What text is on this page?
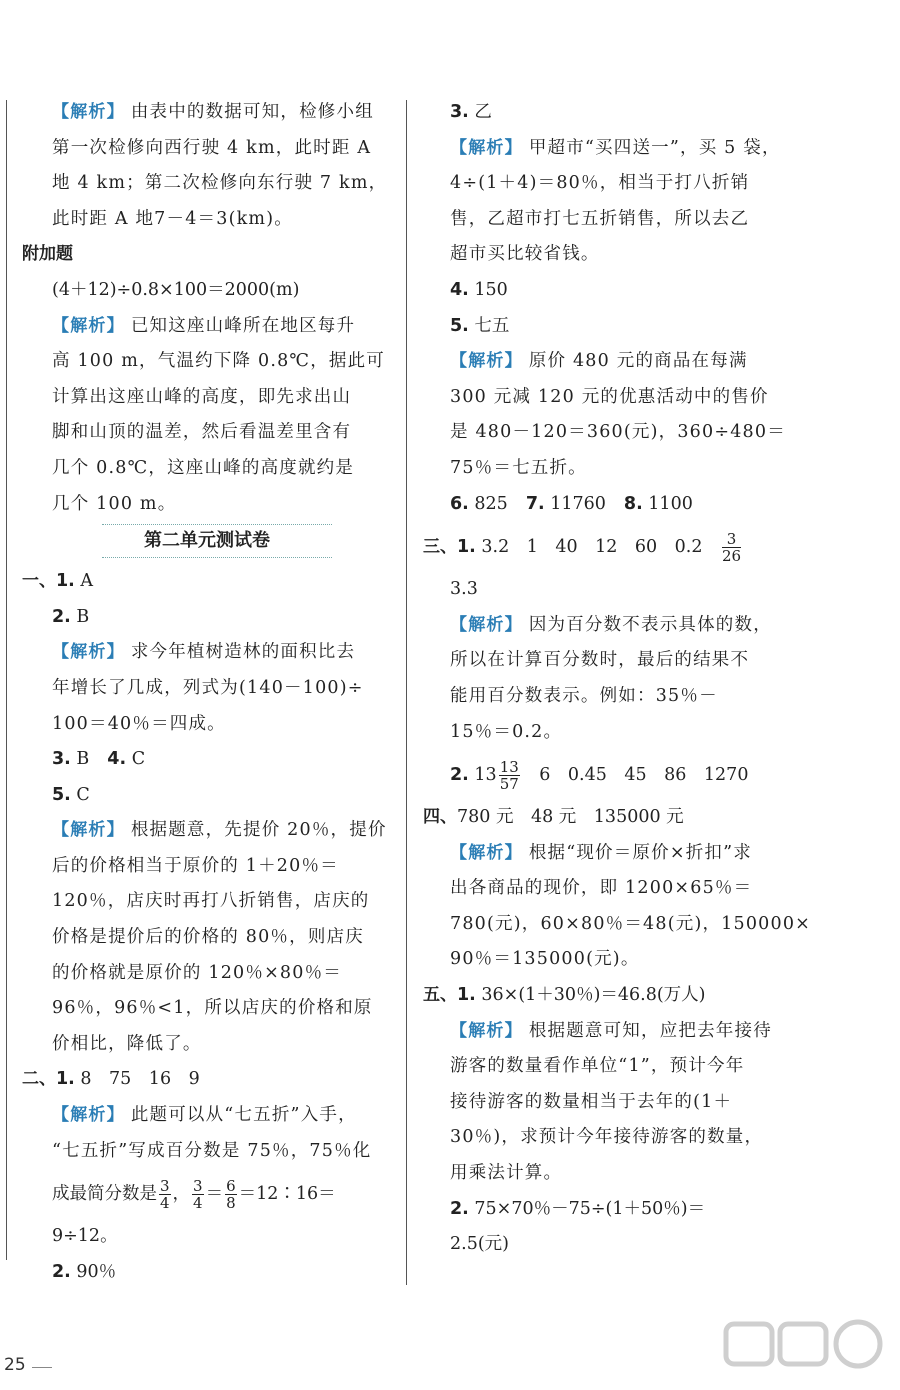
【解析】 由表中的数据可知，检修小组
第一次检修向西行驶 4 km，此时距 A
地 4 km；第二次检修向东行驶 7 km，
此时距 A 地7－4＝3(km)。
附加题
(4＋12)÷0.8×100＝2000(m)
【解析】 已知这座山峰所在地区每升
高 100 m，气温约下降 0.8℃，据此可
计算出这座山峰的高度，即先求出山
脚和山顶的温差，然后看温差里含有
几个 0.8℃，这座山峰的高度就约是
几个 100 m。
第二单元测试卷
一、1. A
2. B
【解析】 求今年植树造林的面积比去
年增长了几成，列式为(140－100)÷
100＝40％＝四成。
3. B 4. C
5. C
【解析】 根据题意，先提价 20％，提价
后的价格相当于原价的 1＋20％＝
120％，店庆时再打八折销售，店庆的
价格是提价后的价格的 80％，则店庆
的价格就是原价的 120％×80％＝
96％，96％<1，所以店庆的价格和原
价相比，降低了。
二、1. 8　75　16　9
【解析】 此题可以从“七五折”入手，
“七五折”写成百分数是 75％，75％化
成最简分数是 $\frac{3}{4}$ ， $\frac{3}{4} = \frac{6}{8}$ ＝12∶16＝
9÷12。
2. 90％
3. 乙
【解析】 甲超市“买四送一”，买 5 袋，
4÷(1＋4)＝80％，相当于打八折销
售，乙超市打七五折销售，所以去乙
超市买比较省钱。
4. 150
5. 七五
【解析】 原价 480 元的商品在每满
300 元减 120 元的优惠活动中的售价
是 480－120＝360(元)，360÷480＝
75％＝七五折。
6. 825 7. 11760 8. 1100
三、1. 3.2　1　40　12　60　0.2　 $\frac{3}{26}$
3.3
【解析】 因为百分数不表示具体的数，
所以在计算百分数时，最后的结果不
能用百分数表示。例如：35％－
15％＝0.2。
2. $13 \frac{13}{57}$
　 6　0.45　45　86　1270
四、780 元　48 元　135000 元
【解析】 根据“现价＝原价×折扣”求
出各商品的现价，即 1200×65％＝
780(元)，60×80％＝48(元)，150000×
90％＝135000(元)。
五、1. 36×(1＋30％)＝46.8(万人)
【解析】 根据题意可知，应把去年接待
游客的数量看作单位“1”，预计今年
接待游客的数量相当于去年的(1＋
30％)，求预计今年接待游客的数量，
用乘法计算。
2. 75×70％－75÷(1＋50％)＝
2.5(元)
25
